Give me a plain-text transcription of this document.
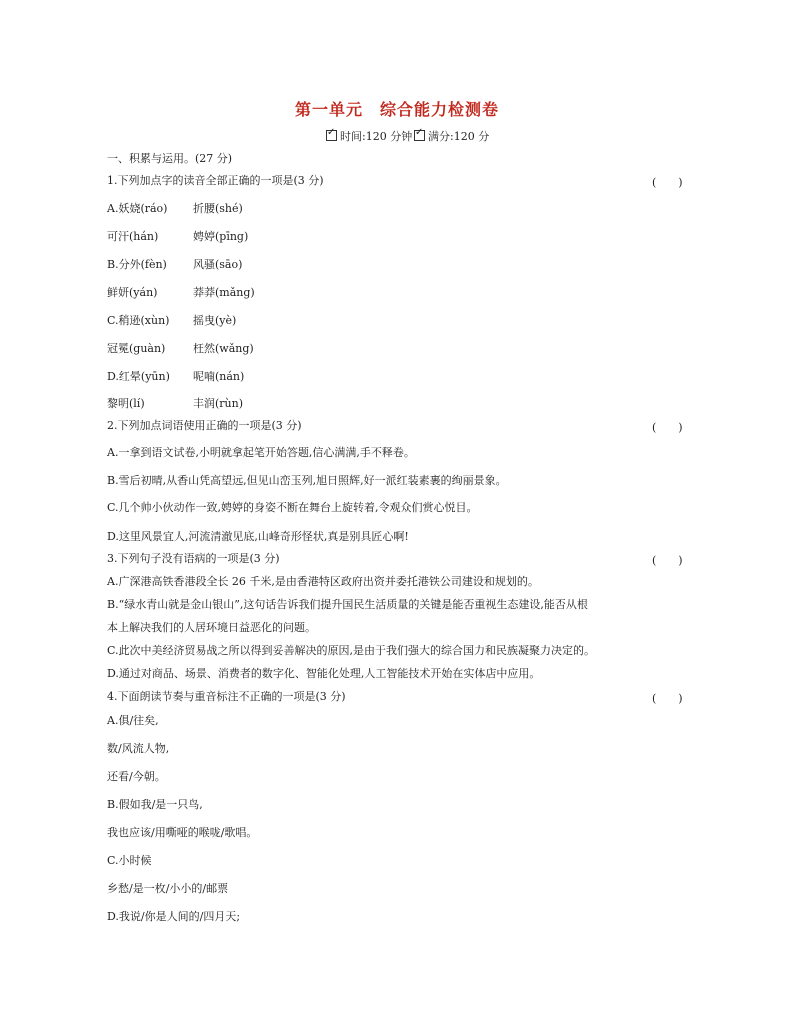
第一单元　综合能力检测卷
✓时间:120 分钟
✓	满分:120 分
一、积累与运用。(27 分)
1.下列加点字的读音全部正确的一项是(3 分)	(　　)
A.妖娆(ráo) 折腰(shé)
可汗(hán)	娉婷(pīng)
B.分外(fèn) 风骚(sāo)
鲜妍(yán)	莽莽(mǎng)
C.稍逊(xùn) 摇曳(yè)
冠冕(guàn)	枉然(wǎng)
D.红晕(yūn) 呢喃(nán)
黎明(lí)	丰润(rùn)
2.下列加点词语使用正确的一项是(3 分)	(　　)
A.一拿到语文试卷,小明就拿起笔开始答题,信心满满,手不释卷。
B.雪后初晴,从香山凭高望远,但见山峦玉列,旭日照辉,好一派红装素裹的绚丽景象。
C.几个帅小伙动作一致,娉婷的身姿不断在舞台上旋转着,令观众们赏心悦目。
D.这里风景宜人,河流清澈见底,山峰奇形怪状,真是别具匠心啊!
3.下列句子没有语病的一项是(3 分)	(　　)
A.广深港高铁香港段全长 26 千米,是由香港特区政府出资并委托港铁公司建设和规划的。
B.“绿水青山就是金山银山”,这句话告诉我们提升国民生活质量的关键是能否重视生态建设,能否从根
本上解决我们的人居环境日益恶化的问题。
C.此次中美经济贸易战之所以得到妥善解决的原因,是由于我们强大的综合国力和民族凝聚力决定的。
D.通过对商品、场景、消费者的数字化、智能化处理,人工智能技术开始在实体店中应用。
4.下面朗读节奏与重音标注不正确的一项是(3 分)	(　　)
A.俱/往矣,
数/风流人物,
还看/今朝。
B.假如我/是一只鸟,
我也应该/用嘶哑的喉咙/歌唱。
C.小时候
乡愁/是一枚/小小的/邮票
D.我说/你是人间的/四月天;
